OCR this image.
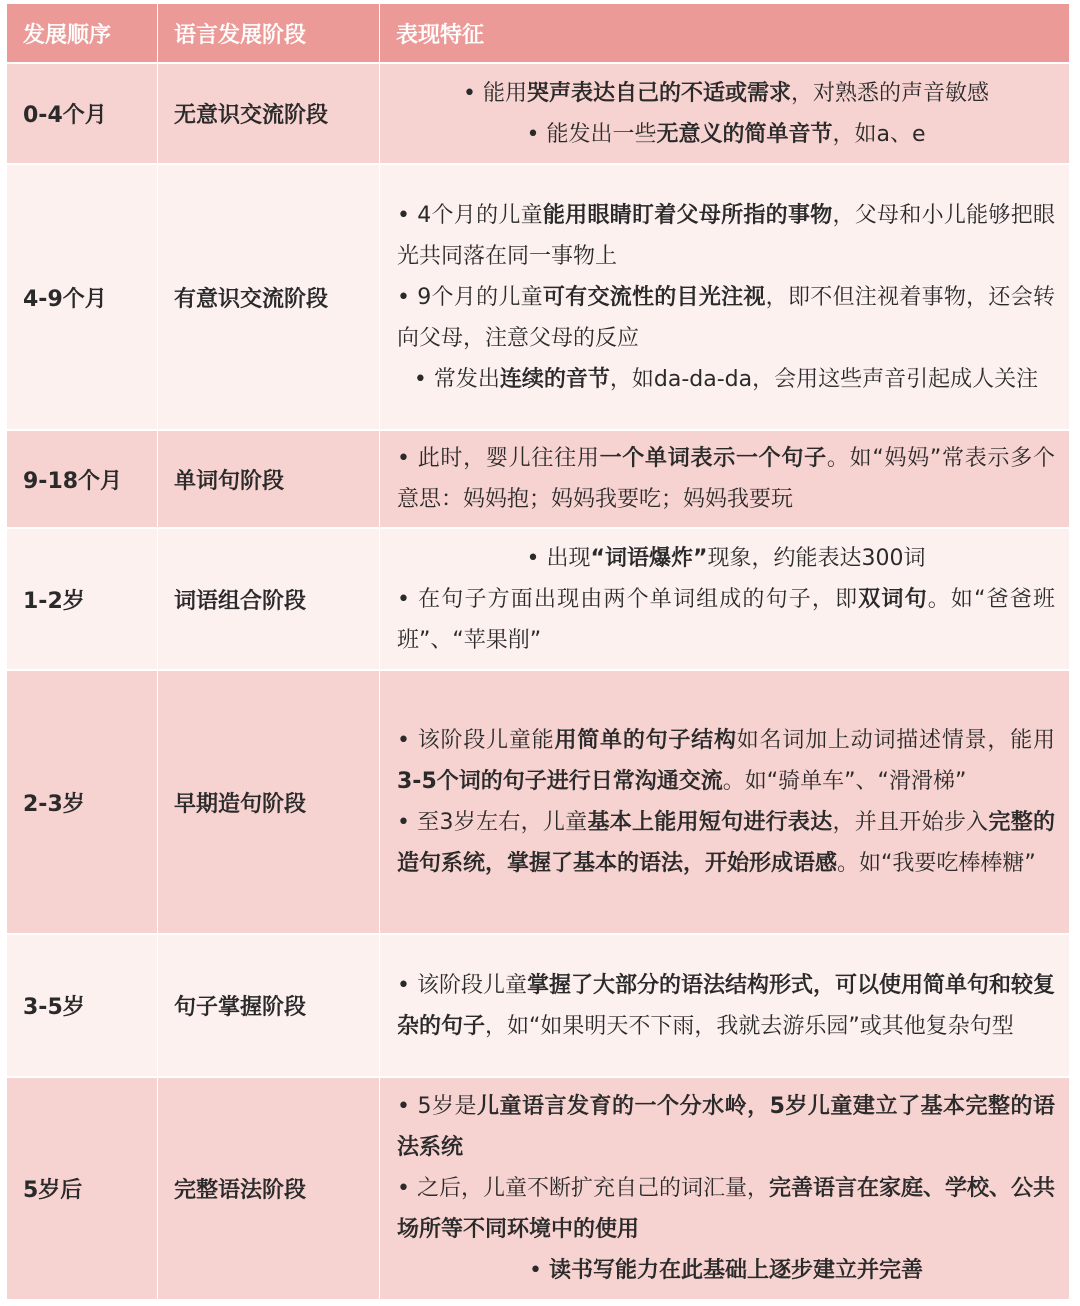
发展顺序	语言发展阶段	表现特征
0-4个月	无意识交流阶段
• 能用哭声表达自己的不适或需求，对熟悉的声音敏感
• 能发出一些无意义的简单音节，如a、e
4-9个月	有意识交流阶段
• 4个月的儿童能用眼睛盯着父母所指的事物，父母和小儿能够把眼光共同落在同一事物上
• 9个月的儿童可有交流性的目光注视，即不但注视着事物，还会转向父母，注意父母的反应
• 常发出连续的音节，如da-da-da，会用这些声音引起成人关注
9-18个月	单词句阶段
• 此时，婴儿往往用一个单词表示一个句子。如“妈妈”常表示多个意思：妈妈抱；妈妈我要吃；妈妈我要玩
1-2岁	词语组合阶段
• 出现“词语爆炸”现象，约能表达300词
• 在句子方面出现由两个单词组成的句子，即双词句。如“爸爸班班”、“苹果削”
2-3岁	早期造句阶段
• 该阶段儿童能用简单的句子结构如名词加上动词描述情景，能用3-5个词的句子进行日常沟通交流。如“骑单车”、“滑滑梯”
• 至3岁左右，儿童基本上能用短句进行表达，并且开始步入完整的造句系统，掌握了基本的语法，开始形成语感。如“我要吃棒棒糖”
3-5岁	句子掌握阶段
• 该阶段儿童掌握了大部分的语法结构形式，可以使用简单句和较复杂的句子，如“如果明天不下雨，我就去游乐园”或其他复杂句型
5岁后	完整语法阶段
• 5岁是儿童语言发育的一个分水岭，5岁儿童建立了基本完整的语法系统
• 之后，儿童不断扩充自己的词汇量，完善语言在家庭、学校、公共场所等不同环境中的使用
• 读书写能力在此基础上逐步建立并完善
